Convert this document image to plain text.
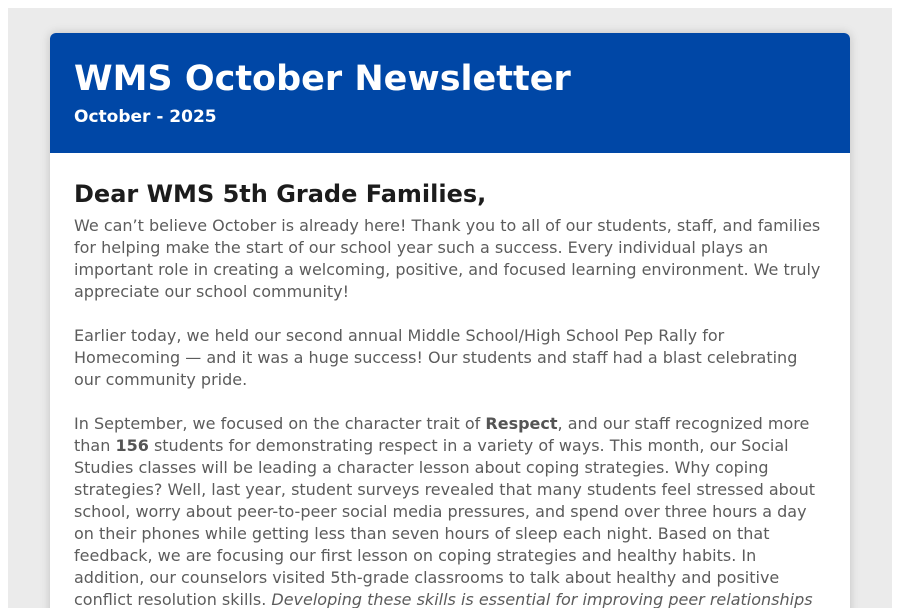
WMS October Newsletter
October - 2025
Dear WMS 5th Grade Families,

We can’t believe October is already here! Thank you to all of our students, staff, and families for helping make the start of our school year such a success. Every individual plays an important role in creating a welcoming, positive, and focused learning environment. We truly appreciate our school community!

Earlier today, we held our second annual Middle School/High School Pep Rally for Homecoming — and it was a huge success! Our students and staff had a blast celebrating our community pride.

In September, we focused on the character trait of Respect, and our staff recognized more than 156 students for demonstrating respect in a variety of ways. This month, our Social Studies classes will be leading a character lesson about coping strategies. Why coping strategies? Well, last year, student surveys revealed that many students feel stressed about school, worry about peer-to-peer social media pressures, and spend over three hours a day on their phones while getting less than seven hours of sleep each night. Based on that feedback, we are focusing our first lesson on coping strategies and healthy habits. In addition, our counselors visited 5th-grade classrooms to talk about healthy and positive conflict resolution skills. Developing these skills is essential for improving peer relationships
